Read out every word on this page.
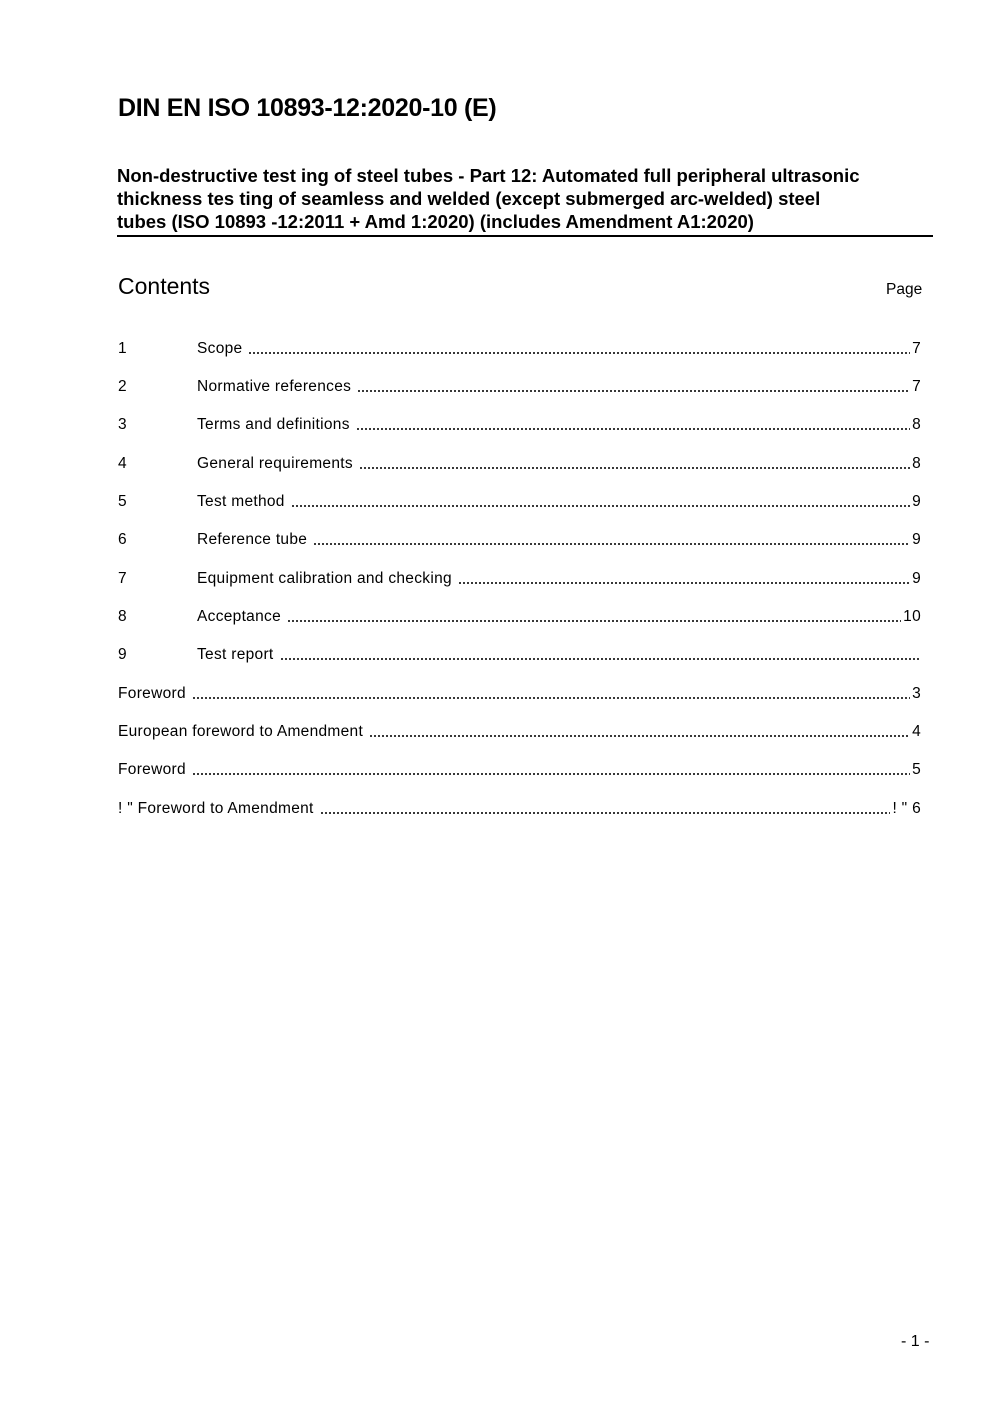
DIN EN ISO 10893-12:2020-10 (E)
Non-destructive test ing of steel tubes - Part 12: Automated full peripheral ultrasonic
thickness tes ting of seamless and welded (except submerged arc-welded) steel
tubes (ISO 10893 -12:2011 + Amd 1:2020) (includes Amendment A1:2020)
Contents	Page
1	Scope	7
2	Normative references	7
3	Terms and definitions	8
4	General requirements	8
5	Test method	9
6	Reference tube	9
7	Equipment calibration and checking	9
8	Acceptance	10
9	Test report
Foreword	3
European foreword to Amendment	4
Foreword	5
! " Foreword to Amendment	! " 6
- 1 -
